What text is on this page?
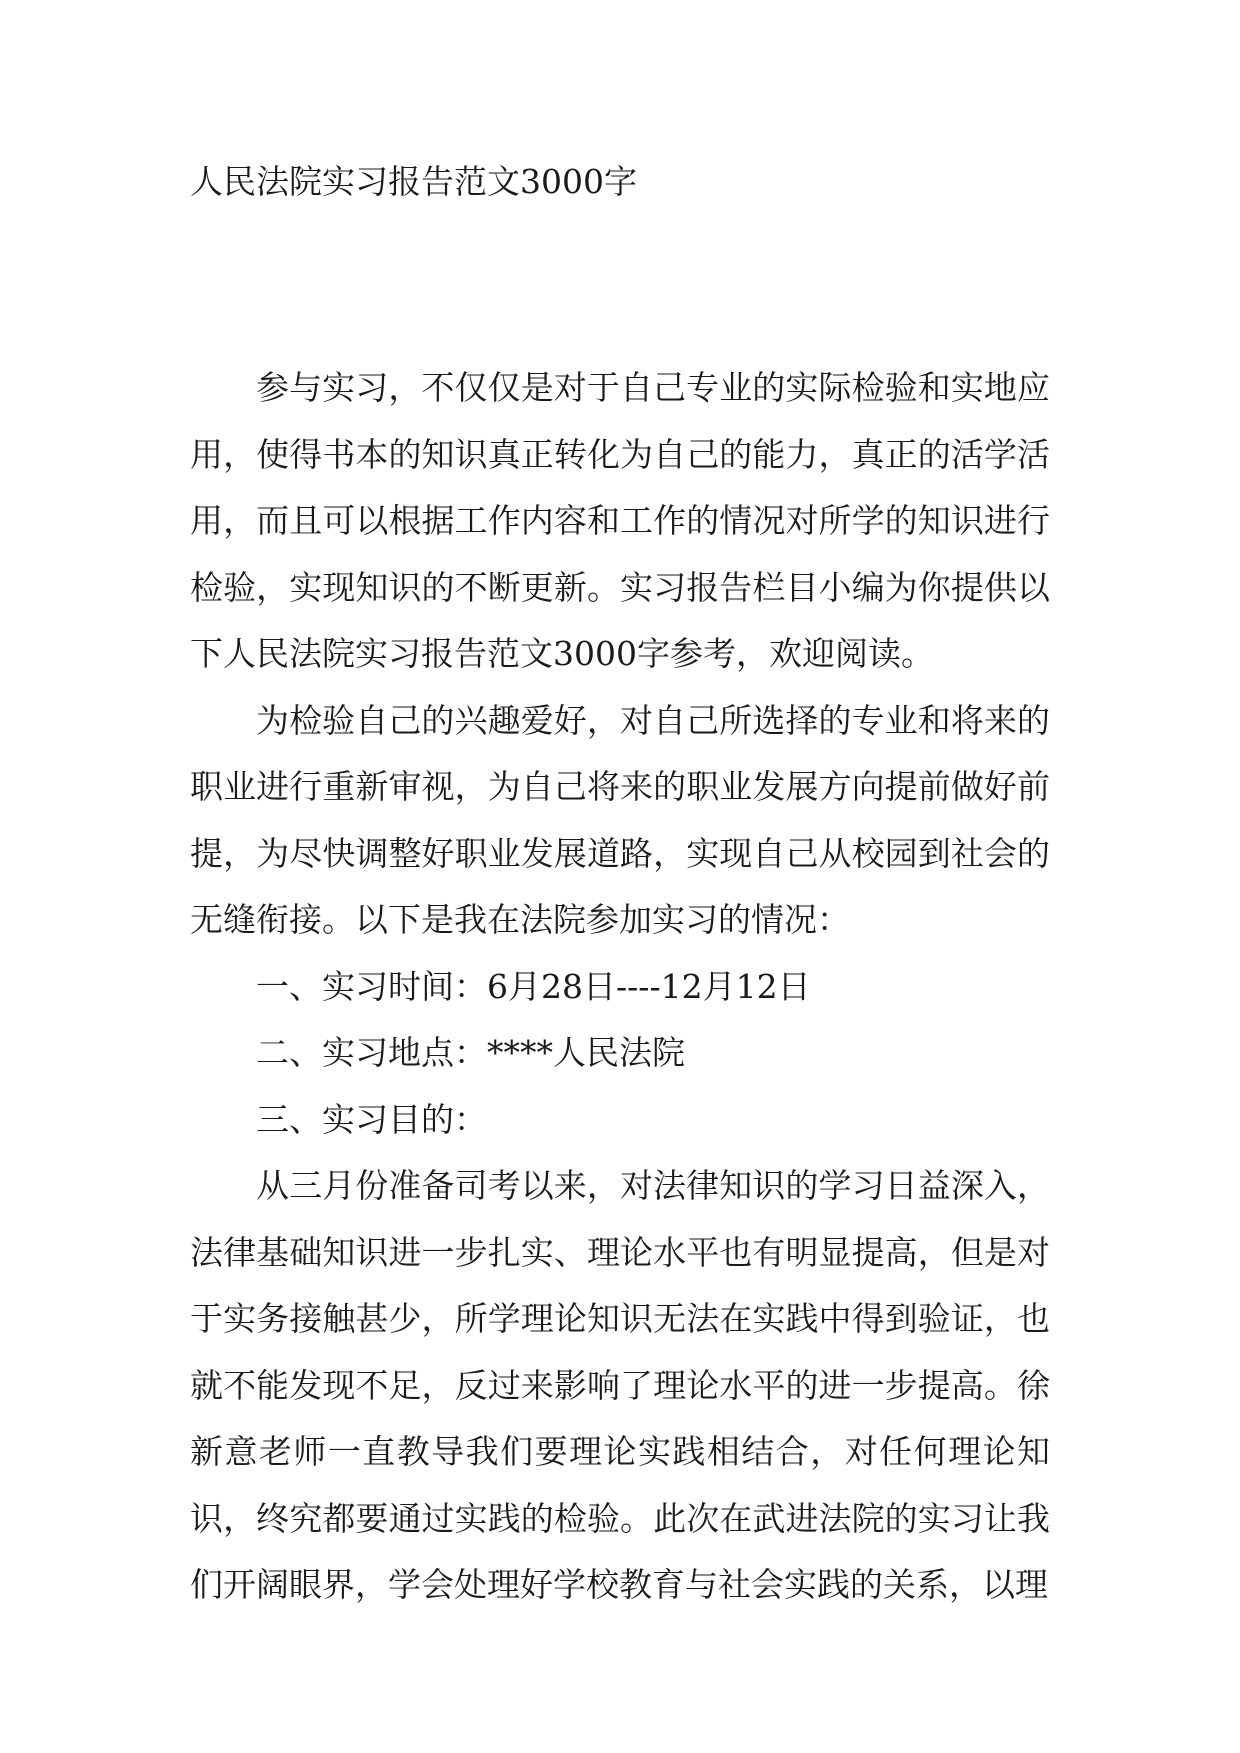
人民法院实习报告范文3000字

参与实习，不仅仅是对于自己专业的实际检验和实地应用，使得书本的知识真正转化为自己的能力，真正的活学活用，而且可以根据工作内容和工作的情况对所学的知识进行检验，实现知识的不断更新。实习报告栏目小编为你提供以下人民法院实习报告范文3000字参考，欢迎阅读。

为检验自己的兴趣爱好，对自己所选择的专业和将来的职业进行重新审视，为自己将来的职业发展方向提前做好前提，为尽快调整好职业发展道路，实现自己从校园到社会的无缝衔接。以下是我在法院参加实习的情况：

一、实习时间：6月28日----12月12日

二、实习地点：****人民法院

三、实习目的：

从三月份准备司考以来，对法律知识的学习日益深入，法律基础知识进一步扎实、理论水平也有明显提高，但是对于实务接触甚少，所学理论知识无法在实践中得到验证，也就不能发现不足，反过来影响了理论水平的进一步提高。徐新意老师一直教导我们要理论实践相结合，对任何理论知识，终究都要通过实践的检验。此次在武进法院的实习让我们开阔眼界，学会处理好学校教育与社会实践的关系，以理
